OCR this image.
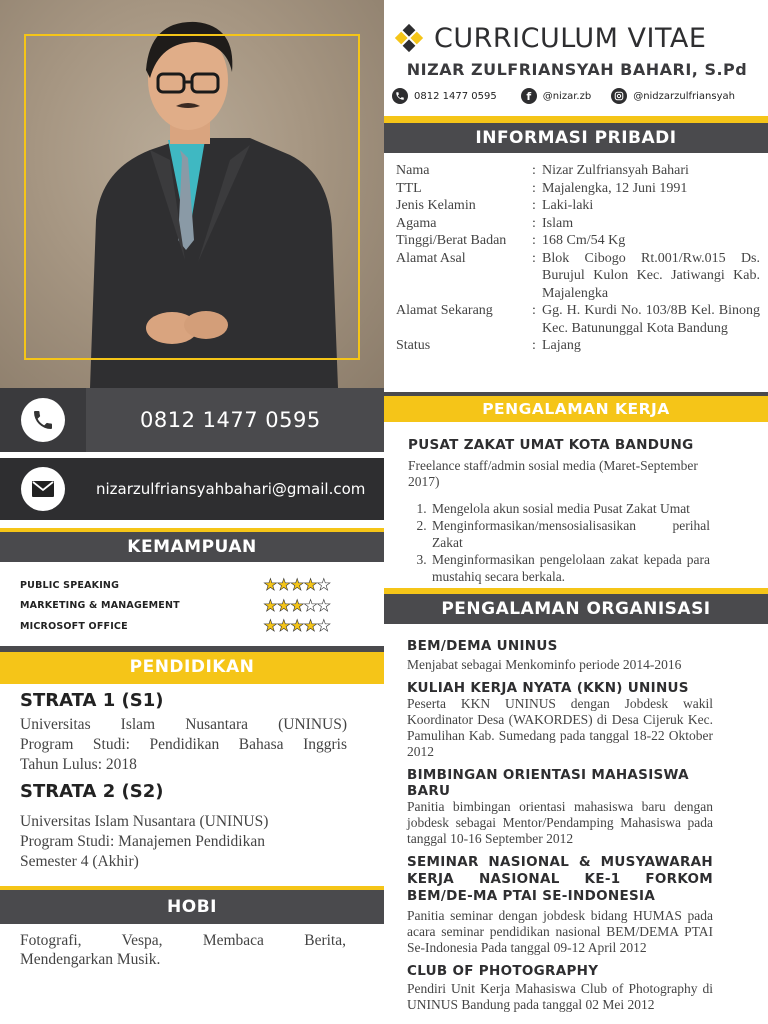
0812 1477 0595
nizarzulfriansyahbahari@gmail.com
KEMAMPUAN
PUBLIC SPEAKING	★★★★★
MARKETING & MANAGEMENT	★★★★★
MICROSOFT OFFICE	★★★★★
PENDIDIKAN
STRATA 1 (S1)
Universitas Islam Nusantara (UNINUS)
Program Studi: Pendidikan Bahasa Inggris
Tahun Lulus: 2018
STRATA 2 (S2)
Universitas Islam Nusantara (UNINUS)
Program Studi: Manajemen Pendidikan
Semester 4 (Akhir)
HOBI
Fotografi, Vespa, Membaca Berita,
Mendengarkan Musik.
CURRICULUM VITAE
NIZAR ZULFRIANSYAH BAHARI, S.Pd
0812 1477 0595	f @nizar.zb	@nidzarzulfriansyah
INFORMASI PRIBADI
Nama	: Nizar Zulfriansyah Bahari
TTL	: Majalengka, 12 Juni 1991
Jenis Kelamin	: Laki-laki
Agama	: Islam
Tinggi/Berat Badan	: 168 Cm/54 Kg
Alamat Asal	: Blok Cibogo Rt.001/Rw.015 Ds. Burujul Kulon Kec. Jatiwangi Kab. Majalengka
Alamat Sekarang	: Gg. H. Kurdi No. 103/8B Kel. Binong Kec. Batununggal Kota Bandung
Status	: Lajang
PENGALAMAN KERJA
PUSAT ZAKAT UMAT KOTA BANDUNG
Freelance staff/admin sosial media (Maret-September 2017)
1. Mengelola akun sosial media Pusat Zakat Umat
2. Menginformasikan/mensosialisasikan perihal Zakat
3. Menginformasikan pengelolaan zakat kepada para mustahiq secara berkala.
PENGALAMAN ORGANISASI
BEM/DEMA UNINUS
Menjabat sebagai Menkominfo periode 2014-2016
KULIAH KERJA NYATA (KKN) UNINUS
Peserta KKN UNINUS dengan Jobdesk wakil Koordinator Desa (WAKORDES) di Desa Cijeruk Kec. Pamulihan Kab. Sumedang pada tanggal 18-22 Oktober 2012
BIMBINGAN ORIENTASI MAHASISWA BARU
Panitia bimbingan orientasi mahasiswa baru dengan jobdesk sebagai Mentor/Pendamping Mahasiswa pada tanggal 10-16 September 2012
SEMINAR NASIONAL & MUSYAWARAH KERJA NASIONAL KE-1 FORKOM BEM/DE-MA PTAI SE-INDONESIA
Panitia seminar dengan jobdesk bidang HUMAS pada acara seminar pendidikan nasional BEM/DEMA PTAI Se-Indonesia Pada tanggal 09-12 April 2012
CLUB OF PHOTOGRAPHY
Pendiri Unit Kerja Mahasiswa Club of Photography di UNINUS Bandung pada tanggal 02 Mei 2012
